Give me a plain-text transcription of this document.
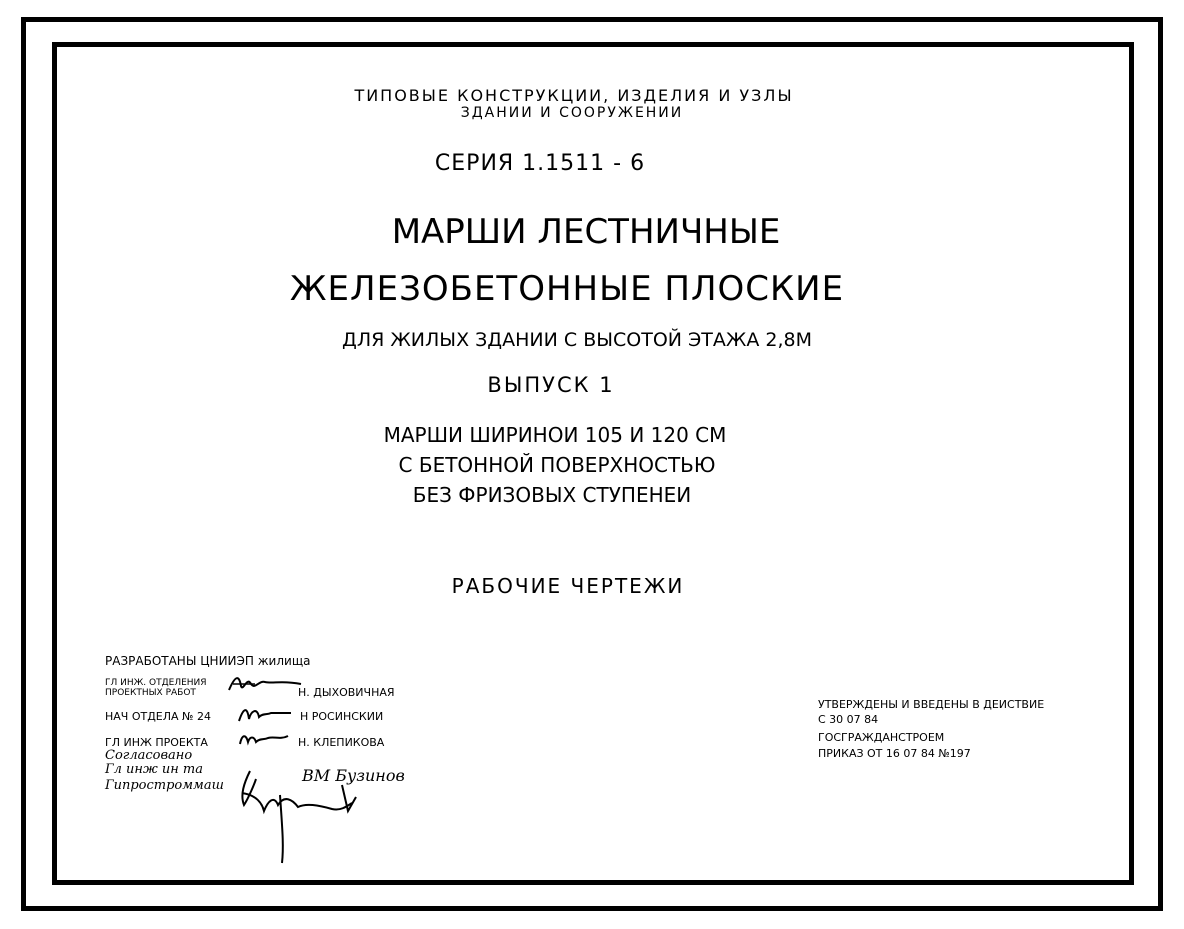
ТИПОВЫЕ КОНСТРУКЦИИ, ИЗДЕЛИЯ И УЗЛЫ
ЗДАНИИ И СООРУЖЕНИИ
СЕРИЯ 1.1511 - 6
МАРШИ ЛЕСТНИЧНЫЕ
ЖЕЛЕЗОБЕТОННЫЕ ПЛОСКИЕ
ДЛЯ ЖИЛЫХ ЗДАНИИ С ВЫСОТОЙ ЭТАЖА 2,8М
ВЫПУСК 1
МАРШИ ШИРИНОИ 105 И 120 СМ
С БЕТОННОЙ ПОВЕРХНОСТЬЮ
БЕЗ ФРИЗОВЫХ СТУПЕНЕИ
РАБОЧИЕ ЧЕРТЕЖИ
РАЗРАБОТАНЫ ЦНИИЭП жилища
ГЛ ИНЖ. ОТДЕЛЕНИЯ
ПРОЕКТНЫХ РАБОТ	Н. ДЫХОВИЧНАЯ
НАЧ ОТДЕЛА № 24	Н РОСИНСКИИ
ГЛ ИНЖ ПРОЕКТА	Н. КЛЕПИКОВА
Согласовано
Гл инж ин та
Гипростроммаш
ВМ Бузинов
УТВЕРЖДЕНЫ И ВВЕДЕНЫ В ДЕИСТВИЕ
С 30 07 84
ГОСГРАЖДАНСТРОЕМ
ПРИКАЗ ОТ 16 07 84 №197
